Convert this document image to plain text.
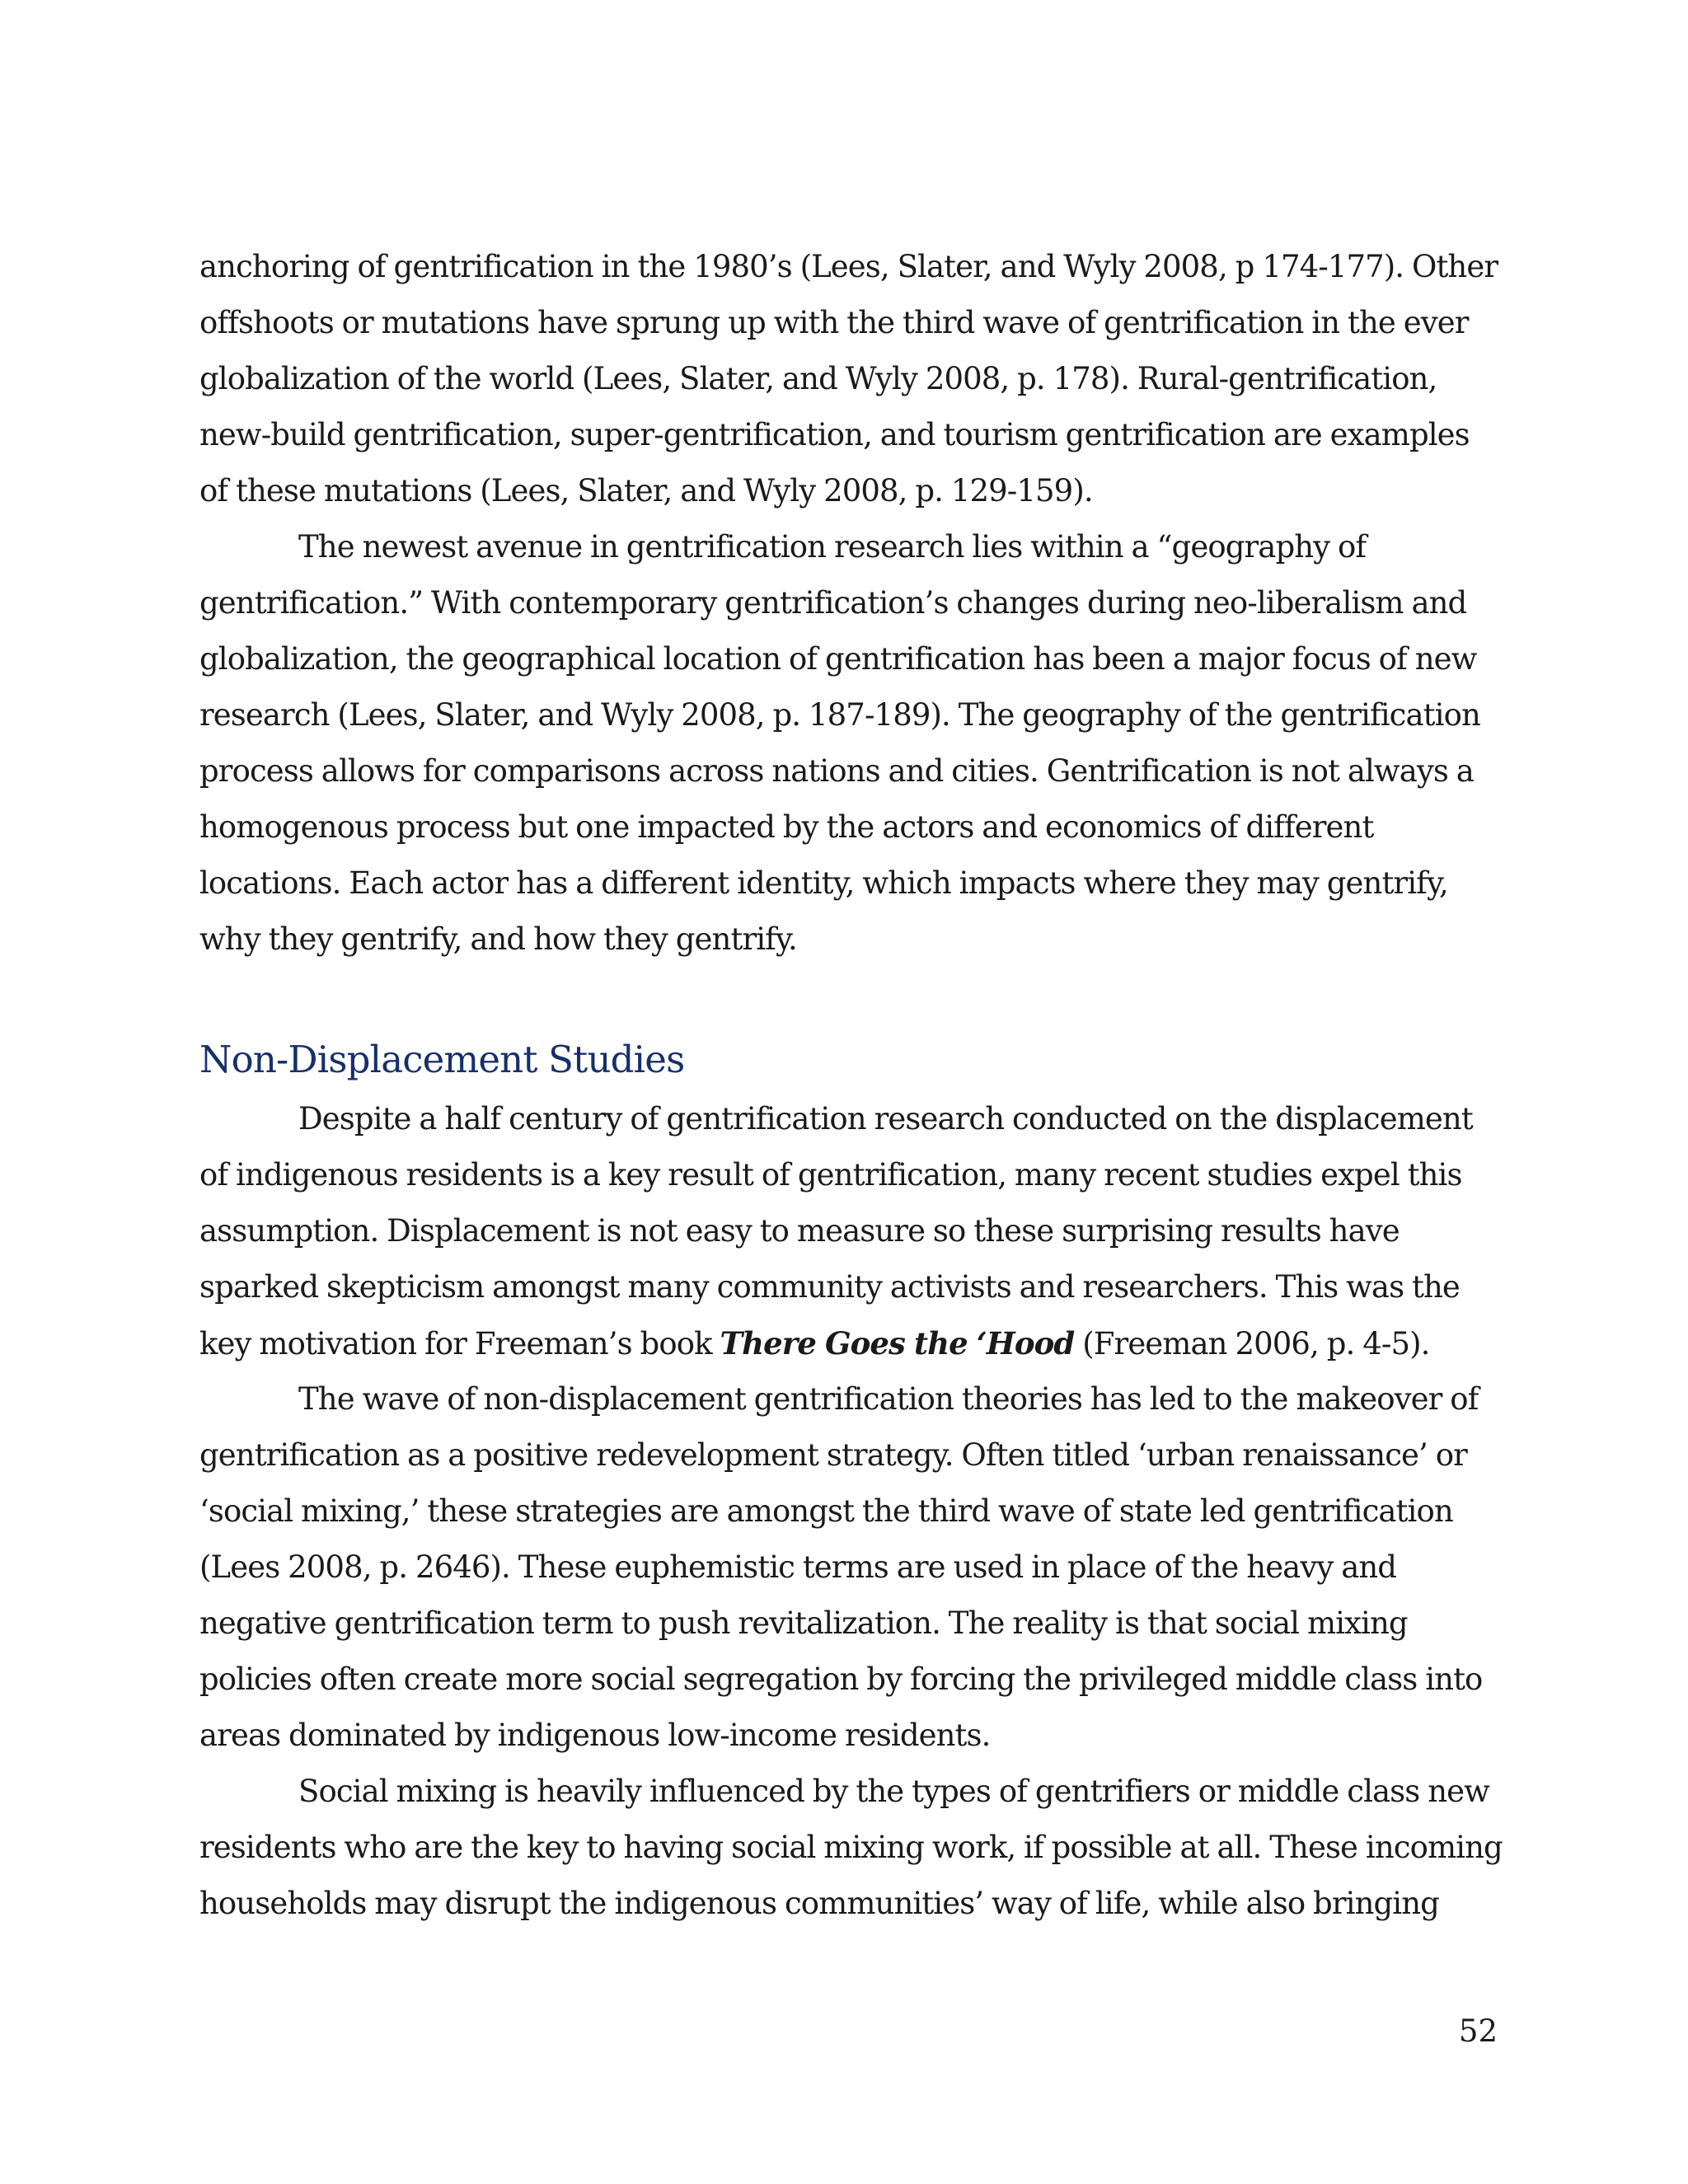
anchoring of gentrification in the 1980’s (Lees, Slater, and Wyly 2008, p 174-177). Other
offshoots or mutations have sprung up with the third wave of gentrification in the ever
globalization of the world (Lees, Slater, and Wyly 2008, p. 178). Rural-gentrification,
new-build gentrification, super-gentrification, and tourism gentrification are examples
of these mutations (Lees, Slater, and Wyly 2008, p. 129-159).
The newest avenue in gentrification research lies within a “geography of
gentrification.” With contemporary gentrification’s changes during neo-liberalism and
globalization, the geographical location of gentrification has been a major focus of new
research (Lees, Slater, and Wyly 2008, p. 187-189). The geography of the gentrification
process allows for comparisons across nations and cities. Gentrification is not always a
homogenous process but one impacted by the actors and economics of different
locations. Each actor has a different identity, which impacts where they may gentrify,
why they gentrify, and how they gentrify.
Non-Displacement Studies
Despite a half century of gentrification research conducted on the displacement
of indigenous residents is a key result of gentrification, many recent studies expel this
assumption. Displacement is not easy to measure so these surprising results have
sparked skepticism amongst many community activists and researchers. This was the
key motivation for Freeman’s book There Goes the ‘Hood (Freeman 2006, p. 4-5).
The wave of non-displacement gentrification theories has led to the makeover of
gentrification as a positive redevelopment strategy. Often titled ‘urban renaissance’ or
‘social mixing,’ these strategies are amongst the third wave of state led gentrification
(Lees 2008, p. 2646). These euphemistic terms are used in place of the heavy and
negative gentrification term to push revitalization. The reality is that social mixing
policies often create more social segregation by forcing the privileged middle class into
areas dominated by indigenous low-income residents.
Social mixing is heavily influenced by the types of gentrifiers or middle class new
residents who are the key to having social mixing work, if possible at all. These incoming
households may disrupt the indigenous communities’ way of life, while also bringing
52
